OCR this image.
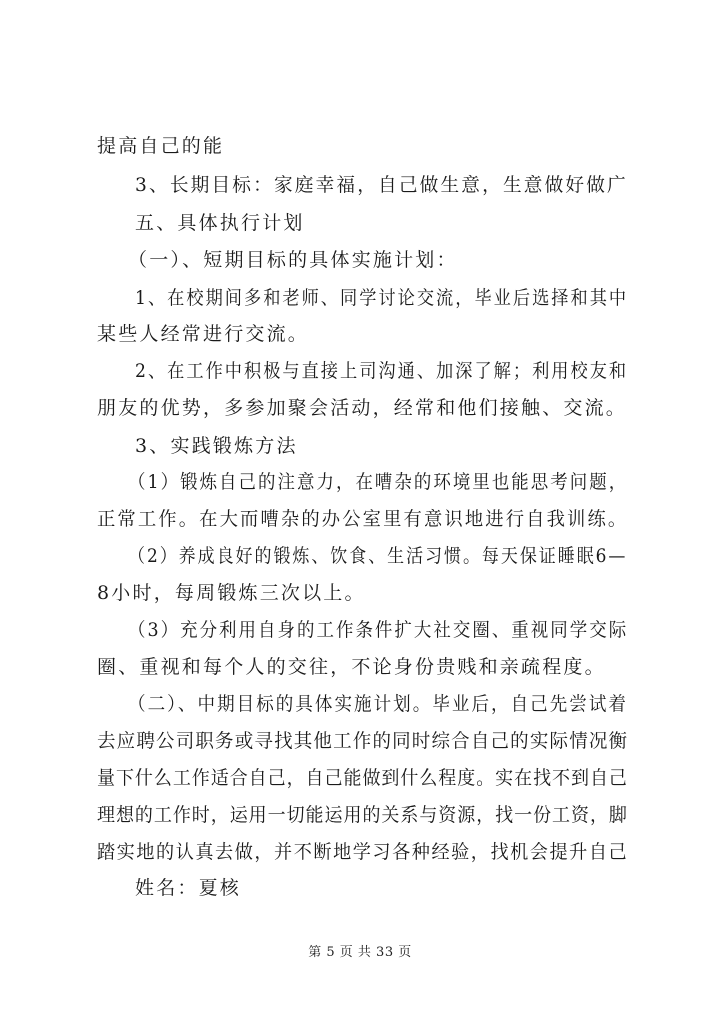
提高自己的能
3、长期目标：家庭幸福，自己做生意，生意做好做广
五、具体执行计划
（一）、短期目标的具体实施计划：
1、在校期间多和老师、同学讨论交流，毕业后选择和其中
某些人经常进行交流。
2、在工作中积极与直接上司沟通、加深了解；利用校友和
朋友的优势，多参加聚会活动，经常和他们接触、交流。
3、实践锻炼方法
（1）锻炼自己的注意力，在嘈杂的环境里也能思考问题，
正常工作。在大而嘈杂的办公室里有意识地进行自我训练。
（2）养成良好的锻炼、饮食、生活习惯。每天保证睡眠6—
8小时，每周锻炼三次以上。
（3）充分利用自身的工作条件扩大社交圈、重视同学交际
圈、重视和每个人的交往，不论身份贵贱和亲疏程度。
（二）、中期目标的具体实施计划。毕业后，自己先尝试着
去应聘公司职务或寻找其他工作的同时综合自己的实际情况衡
量下什么工作适合自己，自己能做到什么程度。实在找不到自己
理想的工作时，运用一切能运用的关系与资源，找一份工资，脚
踏实地的认真去做，并不断地学习各种经验，找机会提升自己
姓名：夏核
第 5 页 共 33 页
